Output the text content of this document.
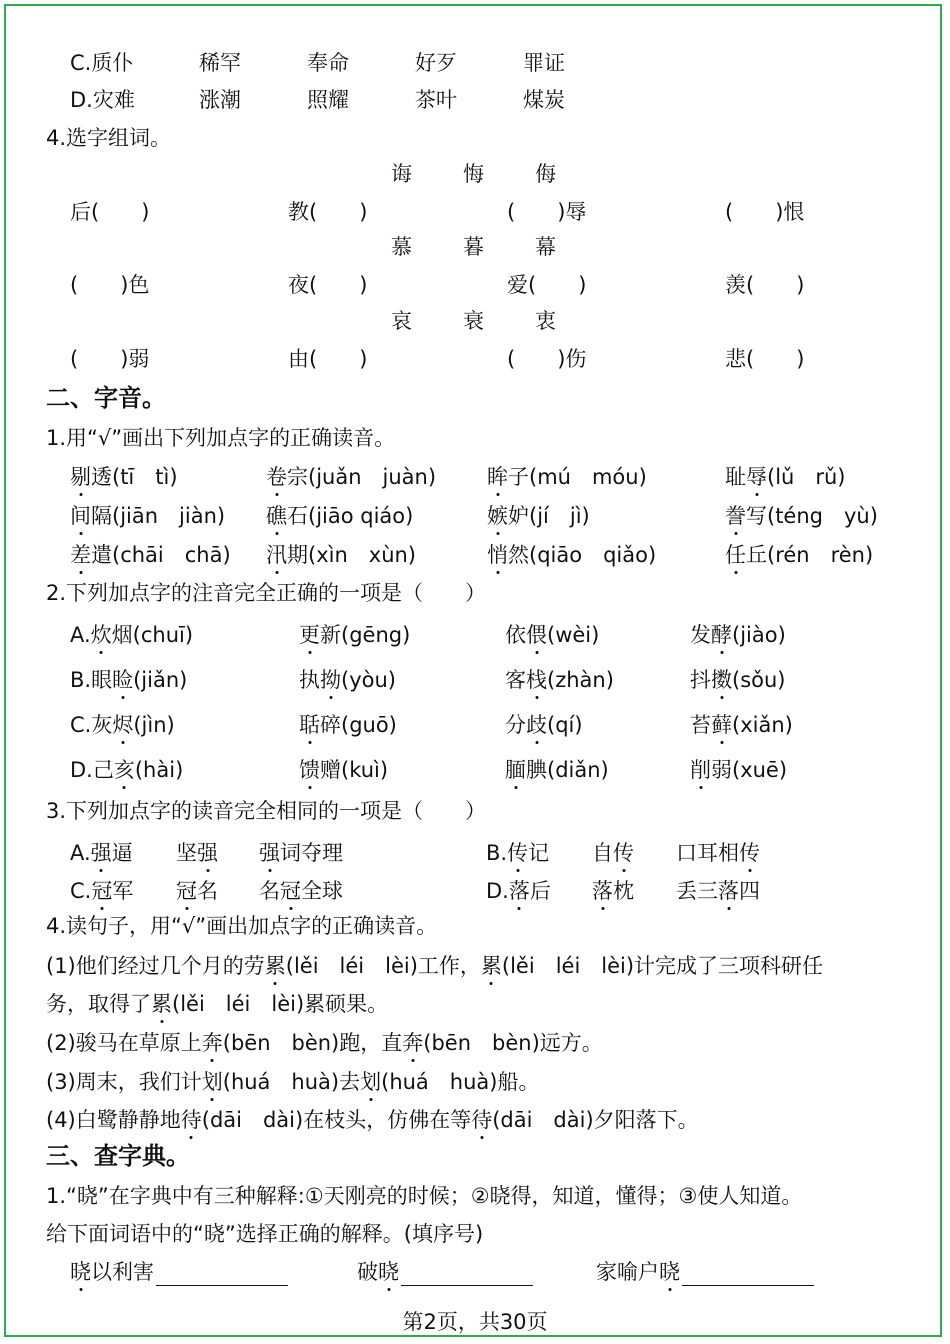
C.质仆	稀罕	奉命	好歹	罪证
D.灾难	涨潮	照耀	茶叶	煤炭
4.选字组词。
诲 悔 侮
后(　　)	教(　　)	(　　)辱	(　　)恨
慕 暮 幕
(　　)色	夜(　　)	爱(　　)	羡(　　)
哀 衰 衷
(　　)弱	由(　　)	(　　)伤	悲(　　)
二、字音。
1.用“√”画出下列加点字的正确读音。
剔透(tī　tì)	卷宗(juǎn　juàn) 眸子(mú　móu)	耻辱(lǔ　rǔ)
间隔(jiān　jiàn) 礁石(jiāo qiáo)	嫉妒(jí　jì)	誊写(téng　yù)
差遣(chāi　chā) 汛期(xìn　xùn)	悄然(qiāo　qiǎo)	任丘(rén　rèn)
2.下列加点字的注音完全正确的一项是（　　）
A.炊烟(chuī)	更新(gēng)	依偎(wèi)	发酵(jiào)
B.眼睑(jiǎn)	执拗(yòu)	客栈(zhàn)	抖擞(sǒu)
C.灰烬(jìn)	聒碎(guō)	分歧(qí)	苔藓(xiǎn)
D.己亥(hài)	馈赠(kuì)	腼腆(diǎn)	削弱(xuē)
3.下列加点字的读音完全相同的一项是（　　）
A.强逼 坚强 强词夺理	B.传记 自传 口耳相传
C.冠军 冠名 名冠全球	D.落后 落枕 丢三落四
4.读句子，用“√”画出加点字的正确读音。
(1)他们经过几个月的劳累(lěi　léi　lèi)工作，累(lěi　léi　lèi)计完成了三项科研任
务，取得了累(lěi　léi　lèi)累硕果。
(2)骏马在草原上奔(bēn　bèn)跑，直奔(bēn　bèn)远方。
(3)周末，我们计划(huá　huà)去划(huá　huà)船。
(4)白鹭静静地待(dāi　dài)在枝头，仿佛在等待(dāi　dài)夕阳落下。
三、查字典。
1.“晓”在字典中有三种解释:①天刚亮的时候；②晓得，知道，懂得；③使人知道。
给下面词语中的“晓”选择正确的解释。(填序号)
晓以利害	破晓	家喻户晓
第2页，共30页
